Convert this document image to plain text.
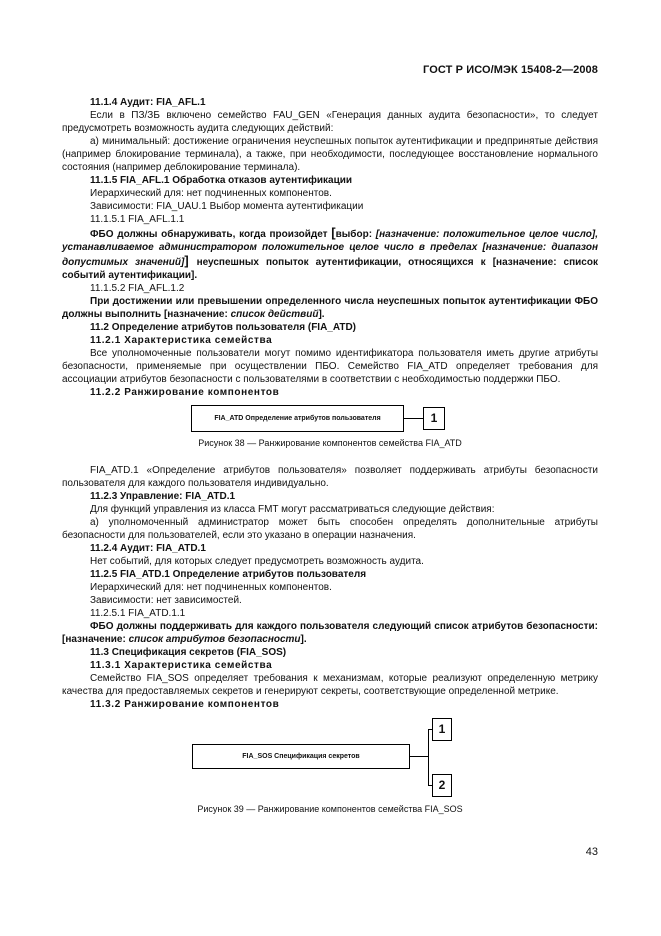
ГОСТ Р ИСО/МЭК 15408-2—2008

11.1.4 Аудит: FIA_AFL.1

Если в ПЗ/ЗБ включено семейство FAU_GEN «Генерация данных аудита безопасности», то следует предусмотреть возможность аудита следующих действий:

а) минимальный: достижение ограничения неуспешных попыток аутентификации и предпринятые действия (например блокирование терминала), а также, при необходимости, последующее восстановление нормального состояния (например деблокирование терминала).

11.1.5 FIA_AFL.1 Обработка отказов аутентификации

Иерархический для: нет подчиненных компонентов.

Зависимости: FIA_UAU.1 Выбор момента аутентификации

11.1.5.1 FIA_AFL.1.1

ФБО должны обнаруживать, когда произойдет [выбор: [назначение: положительное целое число], устанавливаемое администратором положительное целое число в пределах [назначение: диапазон допустимых значений]] неуспешных попыток аутентификации, относящихся к [назначение: список событий аутентификации].

11.1.5.2 FIA_AFL.1.2

При достижении или превышении определенного числа неуспешных попыток аутентификации ФБО должны выполнить [назначение: список действий].

11.2 Определение атрибутов пользователя (FIA_ATD)

11.2.1 Характеристика семейства

Все уполномоченные пользователи могут помимо идентификатора пользователя иметь другие атрибуты безопасности, применяемые при осуществлении ПБО. Семейство FIA_ATD определяет требования для ассоциации атрибутов безопасности с пользователями в соответствии с необходимостью поддержки ПБО.

11.2.2 Ранжирование компонентов

FIA_ATD Определение атрибутов пользователя	1

Рисунок 38 — Ранжирование компонентов семейства FIA_ATD

FIA_ATD.1 «Определение атрибутов пользователя» позволяет поддерживать атрибуты безопасности пользователя для каждого пользователя индивидуально.

11.2.3 Управление: FIA_ATD.1

Для функций управления из класса FMT могут рассматриваться следующие действия:

а) уполномоченный администратор может быть способен определять дополнительные атрибуты безопасности для пользователей, если это указано в операции назначения.

11.2.4 Аудит: FIA_ATD.1

Нет событий, для которых следует предусмотреть возможность аудита.

11.2.5 FIA_ATD.1 Определение атрибутов пользователя

Иерархический для: нет подчиненных компонентов.

Зависимости: нет зависимостей.

11.2.5.1 FIA_ATD.1.1

ФБО должны поддерживать для каждого пользователя следующий список атрибутов безопасности: [назначение: список атрибутов безопасности].

11.3 Спецификация секретов (FIA_SOS)

11.3.1 Характеристика семейства

Семейство FIA_SOS определяет требования к механизмам, которые реализуют определенную метрику качества для предоставляемых секретов и генерируют секреты, соответствующие определенной метрике.

11.3.2 Ранжирование компонентов

FIA_SOS Спецификация секретов
1
2

Рисунок 39 — Ранжирование компонентов семейства FIA_SOS

43
